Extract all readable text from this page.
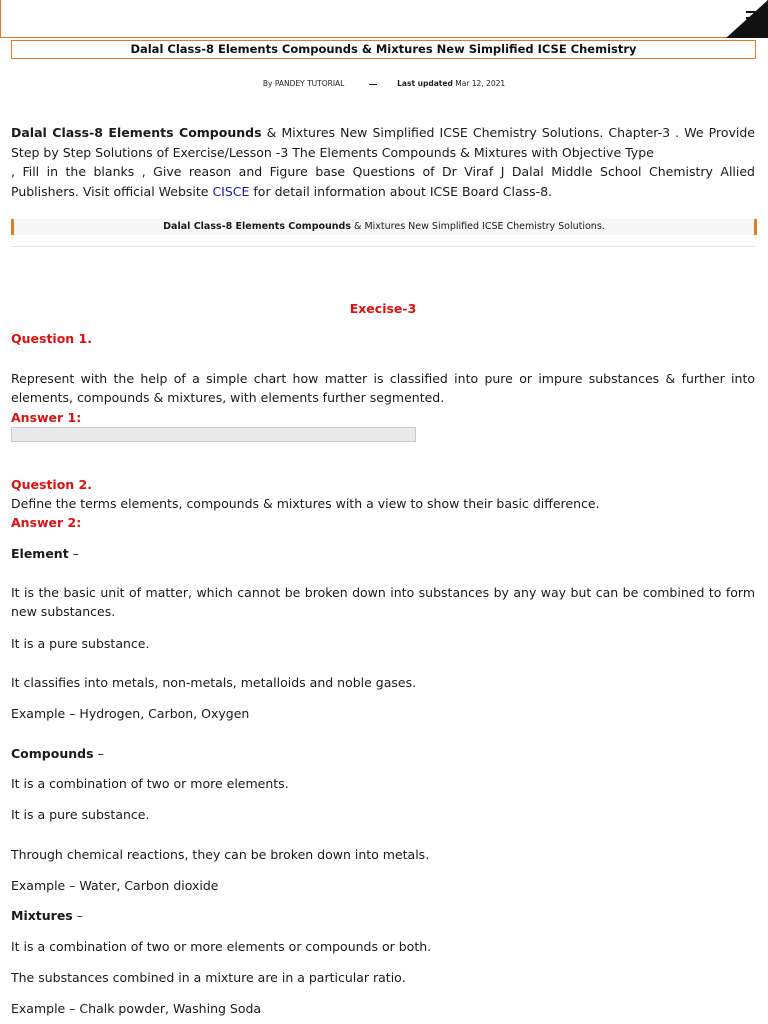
Dalal Class-8 Elements Compounds & Mixtures New Simplified ICSE Chemistry
By PANDEY TUTORIAL	Last updated Mar 12, 2021
Dalal Class-8 Elements Compounds & Mixtures New Simplified ICSE Chemistry Solutions. Chapter-3 . We Provide Step by Step Solutions of Exercise/Lesson -3 The Elements Compounds & Mixtures with Objective Type
, Fill in the blanks , Give reason and Figure base Questions of Dr Viraf J Dalal Middle School Chemistry Allied Publishers. Visit official Website CISCE for detail information about ICSE Board Class-8.
Dalal Class-8 Elements Compounds & Mixtures New Simplified ICSE Chemistry Solutions.
Execise-3
Question 1.
Represent with the help of a simple chart how matter is classified into pure or impure substances & further into elements, compounds & mixtures, with elements further segmented.
Answer 1:
Question 2.
Define the terms elements, compounds & mixtures with a view to show their basic difference.
Answer 2:
Element –
It is the basic unit of matter, which cannot be broken down into substances by any way but can be combined to form new substances.
It is a pure substance.
It classifies into metals, non-metals, metalloids and noble gases.
Example – Hydrogen, Carbon, Oxygen
Compounds –
It is a combination of two or more elements.
It is a pure substance.
Through chemical reactions, they can be broken down into metals.
Example – Water, Carbon dioxide
Mixtures –
It is a combination of two or more elements or compounds or both.
The substances combined in a mixture are in a particular ratio.
Example – Chalk powder, Washing Soda
